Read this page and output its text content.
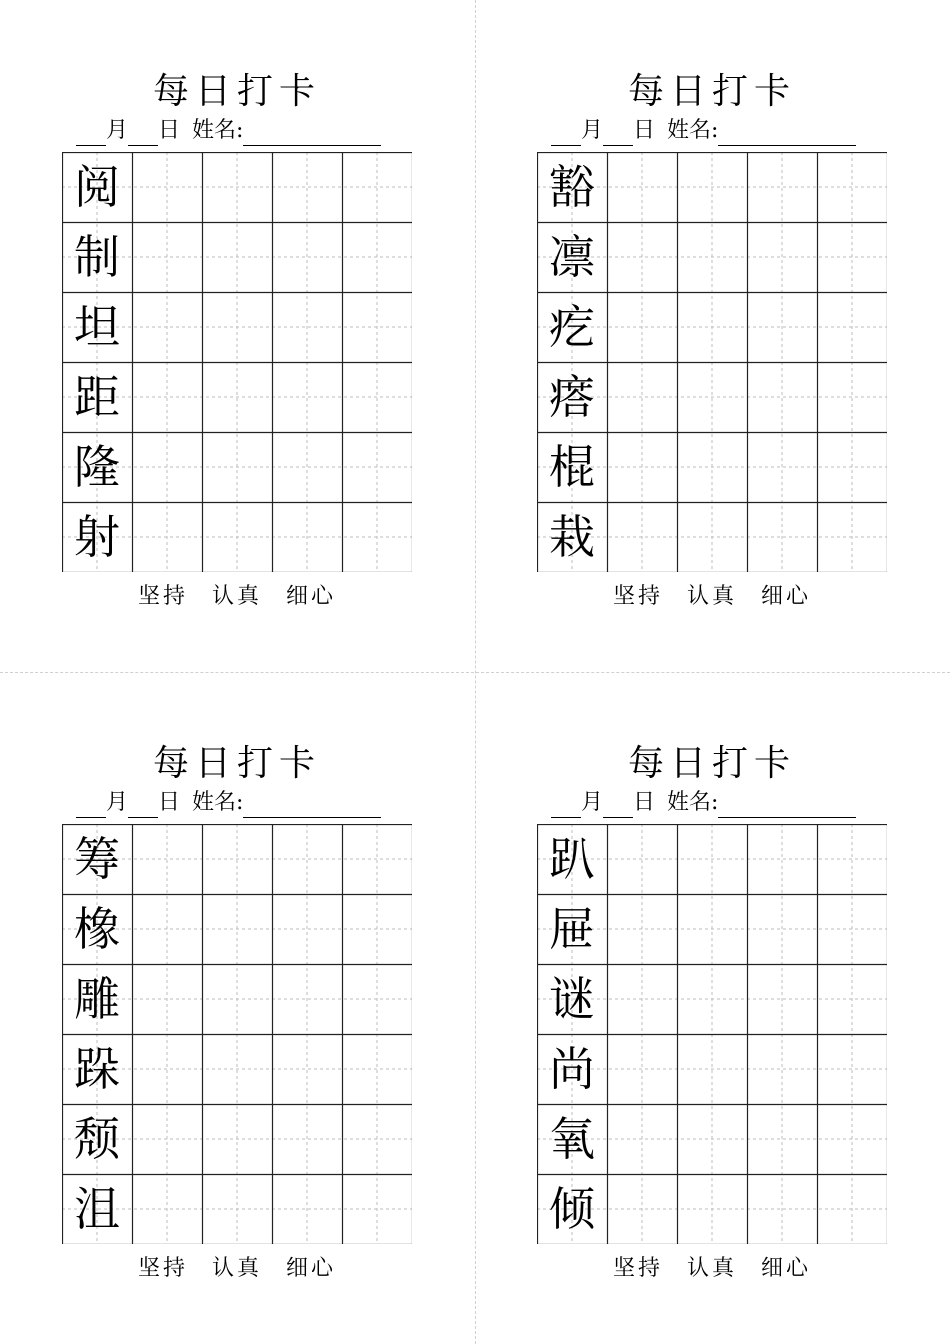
每日打卡
月 日 姓名:
阅
制
坦
距
隆
射
坚持 认真 细心
每日打卡
月 日 姓名:
豁
凛
疙
瘩
棍
栽
坚持 认真 细心
每日打卡
月 日 姓名:
筹
橡
雕
跺
颓
沮
坚持 认真 细心
每日打卡
月 日 姓名:
趴
屉
谜
尚
氧
倾
坚持 认真 细心
